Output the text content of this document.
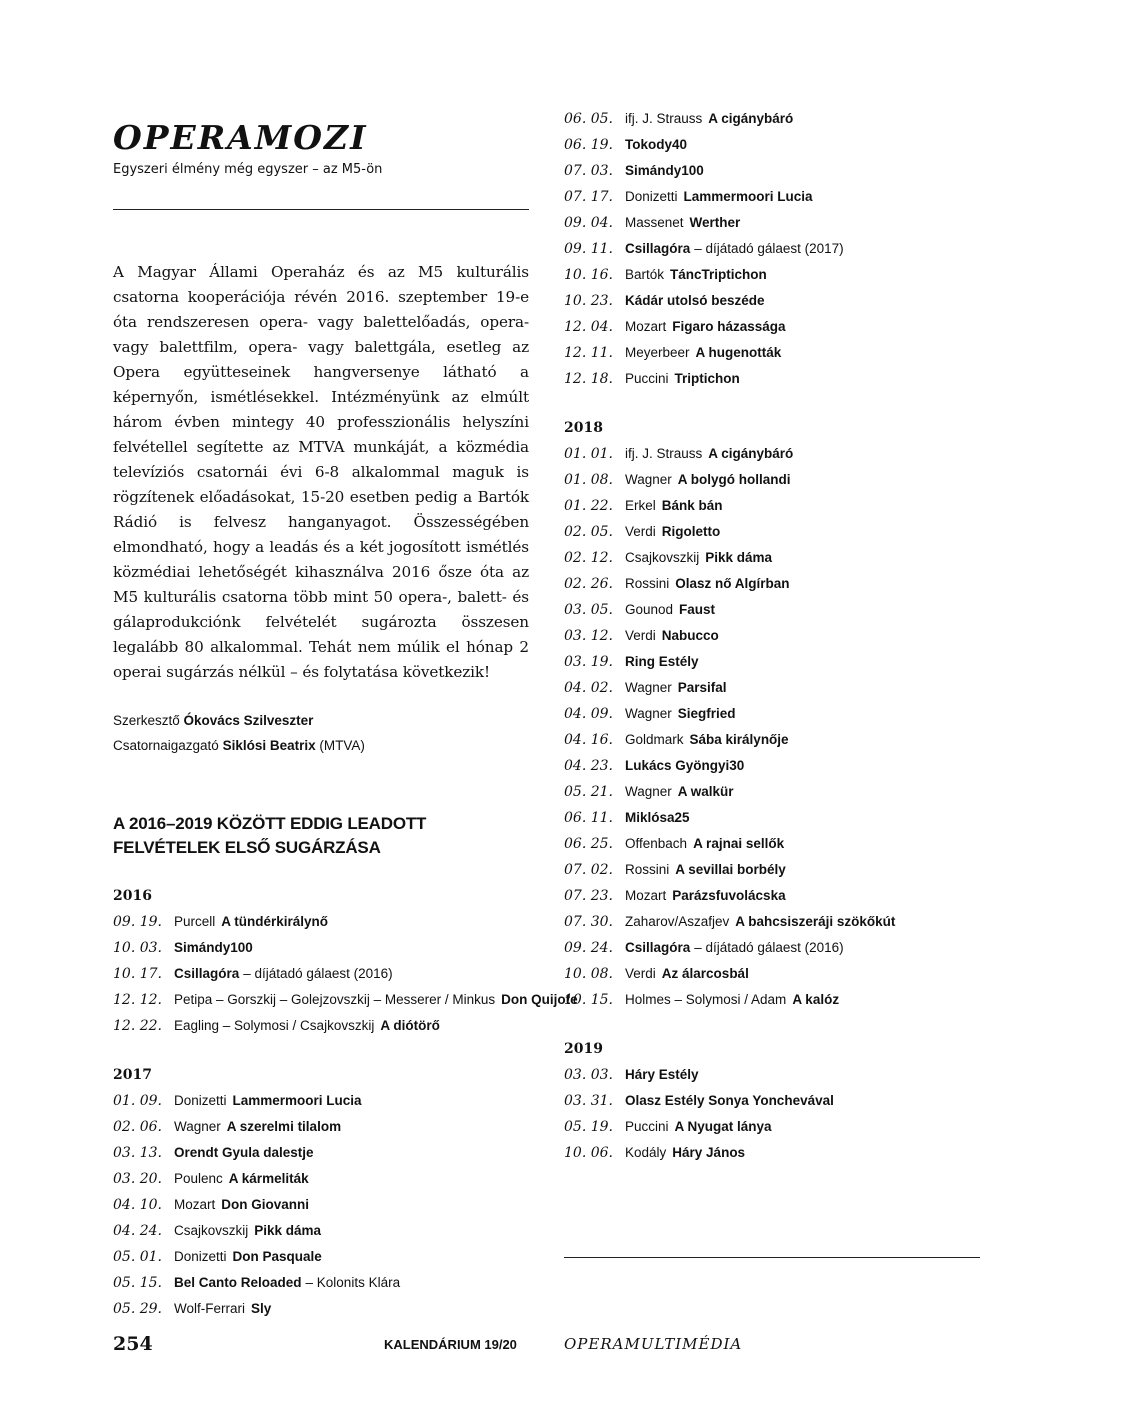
OPERAMOZI
Egyszeri élmény még egyszer – az M5-ön

A Magyar Állami Operaház és az M5 kulturális csatorna kooperációja révén 2016. szeptember 19-e óta rendszeresen opera- vagy balettelőadás, opera- vagy balettfilm, opera- vagy balettgála, esetleg az Opera együtteseinek hangversenye látható a képernyőn, ismétlésekkel. Intézményünk az elmúlt három évben mintegy 40 professzionális helyszíni felvétellel segítette az MTVA munkáját, a közmédia televíziós csatornái évi 6-8 alkalommal maguk is rögzítenek előadásokat, 15-20 esetben pedig a Bartók Rádió is felvesz hanganyagot. Összességében elmondható, hogy a leadás és a két jogosított ismétlés közmédiai lehetőségét kihasználva 2016 ősze óta az M5 kulturális csatorna több mint 50 opera-, balett- és gálaprodukciónk felvételét sugározta összesen legalább 80 alkalommal. Tehát nem múlik el hónap 2 operai sugárzás nélkül – és folytatása következik!

Szerkesztő Ókovács Szilveszter
Csatornaigazgató Siklósi Beatrix (MTVA)
A 2016–2019 KÖZÖTT EDDIG LEADOTT
FELVÉTELEK ELSŐ SUGÁRZÁSA
2016
09. 19. Purcell A tündérkirálynő
10. 03. Simándy100
10. 17. Csillagóra – díjátadó gálaest (2016)
12. 12. Petipa – Gorszkij – Golejzovszkij – Messerer / Minkus Don Quijote
12. 22. Eagling – Solymosi / Csajkovszkij A diótörő
2017
01. 09. Donizetti Lammermoori Lucia
02. 06. Wagner A szerelmi tilalom
03. 13. Orendt Gyula dalestje
03. 20. Poulenc A kármeliták
04. 10. Mozart Don Giovanni
04. 24. Csajkovszkij Pikk dáma
05. 01. Donizetti Don Pasquale
05. 15. Bel Canto Reloaded – Kolonits Klára
05. 29. Wolf-Ferrari Sly
06. 05. ifj. J. Strauss A cigánybáró
06. 19. Tokody40
07. 03. Simándy100
07. 17. Donizetti Lammermoori Lucia
09. 04. Massenet Werther
09. 11. Csillagóra – díjátadó gálaest (2017)
10. 16. Bartók TáncTriptichon
10. 23. Kádár utolsó beszéde
12. 04. Mozart Figaro házassága
12. 11. Meyerbeer A hugenották
12. 18. Puccini Triptichon
2018
01. 01. ifj. J. Strauss A cigánybáró
01. 08. Wagner A bolygó hollandi
01. 22. Erkel Bánk bán
02. 05. Verdi Rigoletto
02. 12. Csajkovszkij Pikk dáma
02. 26. Rossini Olasz nő Algírban
03. 05. Gounod Faust
03. 12. Verdi Nabucco
03. 19. Ring Estély
04. 02. Wagner Parsifal
04. 09. Wagner Siegfried
04. 16. Goldmark Sába királynője
04. 23. Lukács Gyöngyi30
05. 21. Wagner A walkür
06. 11. Miklósa25
06. 25. Offenbach A rajnai sellők
07. 02. Rossini A sevillai borbély
07. 23. Mozart Parázsfuvolácska
07. 30. Zaharov/Aszafjev A bahcsiszeráji szökőkút
09. 24. Csillagóra – díjátadó gálaest (2016)
10. 08. Verdi Az álarcosbál
10. 15. Holmes – Solymosi / Adam A kalóz
2019
03. 03. Háry Estély
03. 31. Olasz Estély Sonya Yonchevával
05. 19. Puccini A Nyugat lánya
10. 06. Kodály Háry János
254	KALENDÁRIUM 19/20	OPERAMULTIMÉDIA
